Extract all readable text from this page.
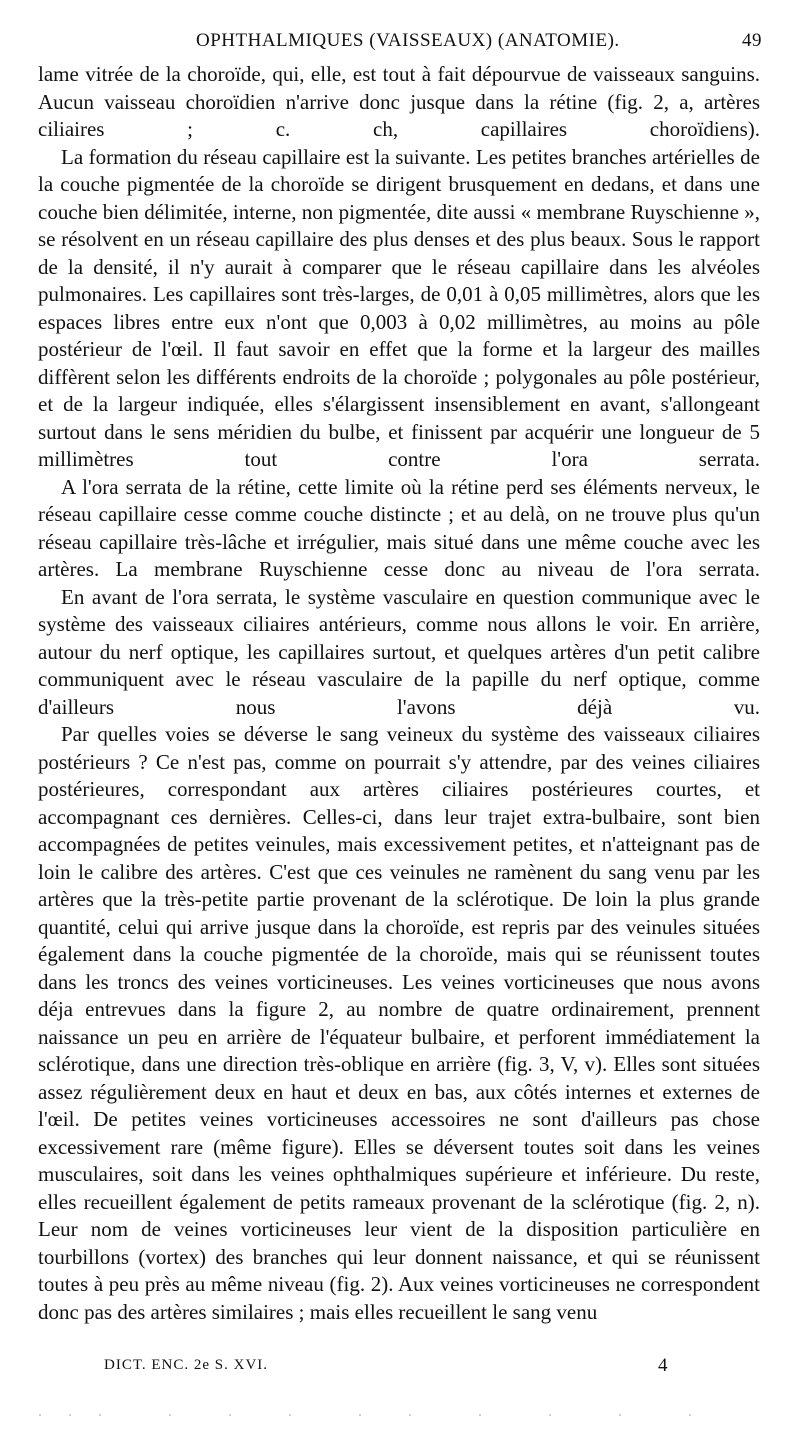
OPHTHALMIQUES (VAISSEAUX) (ANATOMIE).	49

lame vitrée de la choroïde, qui, elle, est tout à fait dépourvue de vaisseaux sanguins. Aucun vaisseau choroïdien n'arrive donc jusque dans la rétine (fig. 2, a, artères ciliaires ; c. ch, capillaires choroïdiens).

La formation du réseau capillaire est la suivante. Les petites branches artérielles de la couche pigmentée de la choroïde se dirigent brusquement en dedans, et dans une couche bien délimitée, interne, non pigmentée, dite aussi « membrane Ruyschienne », se résolvent en un réseau capillaire des plus denses et des plus beaux. Sous le rapport de la densité, il n'y aurait à comparer que le réseau capillaire dans les alvéoles pulmonaires. Les capillaires sont très-larges, de 0,01 à 0,05 millimètres, alors que les espaces libres entre eux n'ont que 0,003 à 0,02 millimètres, au moins au pôle postérieur de l'œil. Il faut savoir en effet que la forme et la largeur des mailles diffèrent selon les différents endroits de la choroïde ; polygonales au pôle postérieur, et de la largeur indiquée, elles s'élargissent insensiblement en avant, s'allongeant surtout dans le sens méridien du bulbe, et finissent par acquérir une longueur de 5 millimètres tout contre l'ora serrata.

A l'ora serrata de la rétine, cette limite où la rétine perd ses éléments nerveux, le réseau capillaire cesse comme couche distincte ; et au delà, on ne trouve plus qu'un réseau capillaire très-lâche et irrégulier, mais situé dans une même couche avec les artères. La membrane Ruyschienne cesse donc au niveau de l'ora serrata.

En avant de l'ora serrata, le système vasculaire en question communique avec le système des vaisseaux ciliaires antérieurs, comme nous allons le voir. En arrière, autour du nerf optique, les capillaires surtout, et quelques artères d'un petit calibre communiquent avec le réseau vasculaire de la papille du nerf optique, comme d'ailleurs nous l'avons déjà vu.

Par quelles voies se déverse le sang veineux du système des vaisseaux ciliaires postérieurs ? Ce n'est pas, comme on pourrait s'y attendre, par des veines ciliaires postérieures, correspondant aux artères ciliaires postérieures courtes, et accompagnant ces dernières. Celles-ci, dans leur trajet extra-bulbaire, sont bien accompagnées de petites veinules, mais excessivement petites, et n'atteignant pas de loin le calibre des artères. C'est que ces veinules ne ramènent du sang venu par les artères que la très-petite partie provenant de la sclérotique. De loin la plus grande quantité, celui qui arrive jusque dans la choroïde, est repris par des veinules situées également dans la couche pigmentée de la choroïde, mais qui se réunissent toutes dans les troncs des veines vorticineuses. Les veines vorticineuses que nous avons déja entrevues dans la figure 2, au nombre de quatre ordinairement, prennent naissance un peu en arrière de l'équateur bulbaire, et perforent immédiatement la sclérotique, dans une direction très-oblique en arrière (fig. 3, V, v). Elles sont situées assez régulièrement deux en haut et deux en bas, aux côtés internes et externes de l'œil. De petites veines vorticineuses accessoires ne sont d'ailleurs pas chose excessivement rare (même figure). Elles se déversent toutes soit dans les veines musculaires, soit dans les veines ophthalmiques supérieure et inférieure. Du reste, elles recueillent également de petits rameaux provenant de la sclérotique (fig. 2, n). Leur nom de veines vorticineuses leur vient de la disposition particulière en tourbillons (vortex) des branches qui leur donnent naissance, et qui se réunissent toutes à peu près au même niveau (fig. 2). Aux veines vorticineuses ne correspondent donc pas des artères similaires ; mais elles recueillent le sang venu

DICT. ENC. 2e S. XVI.	4
